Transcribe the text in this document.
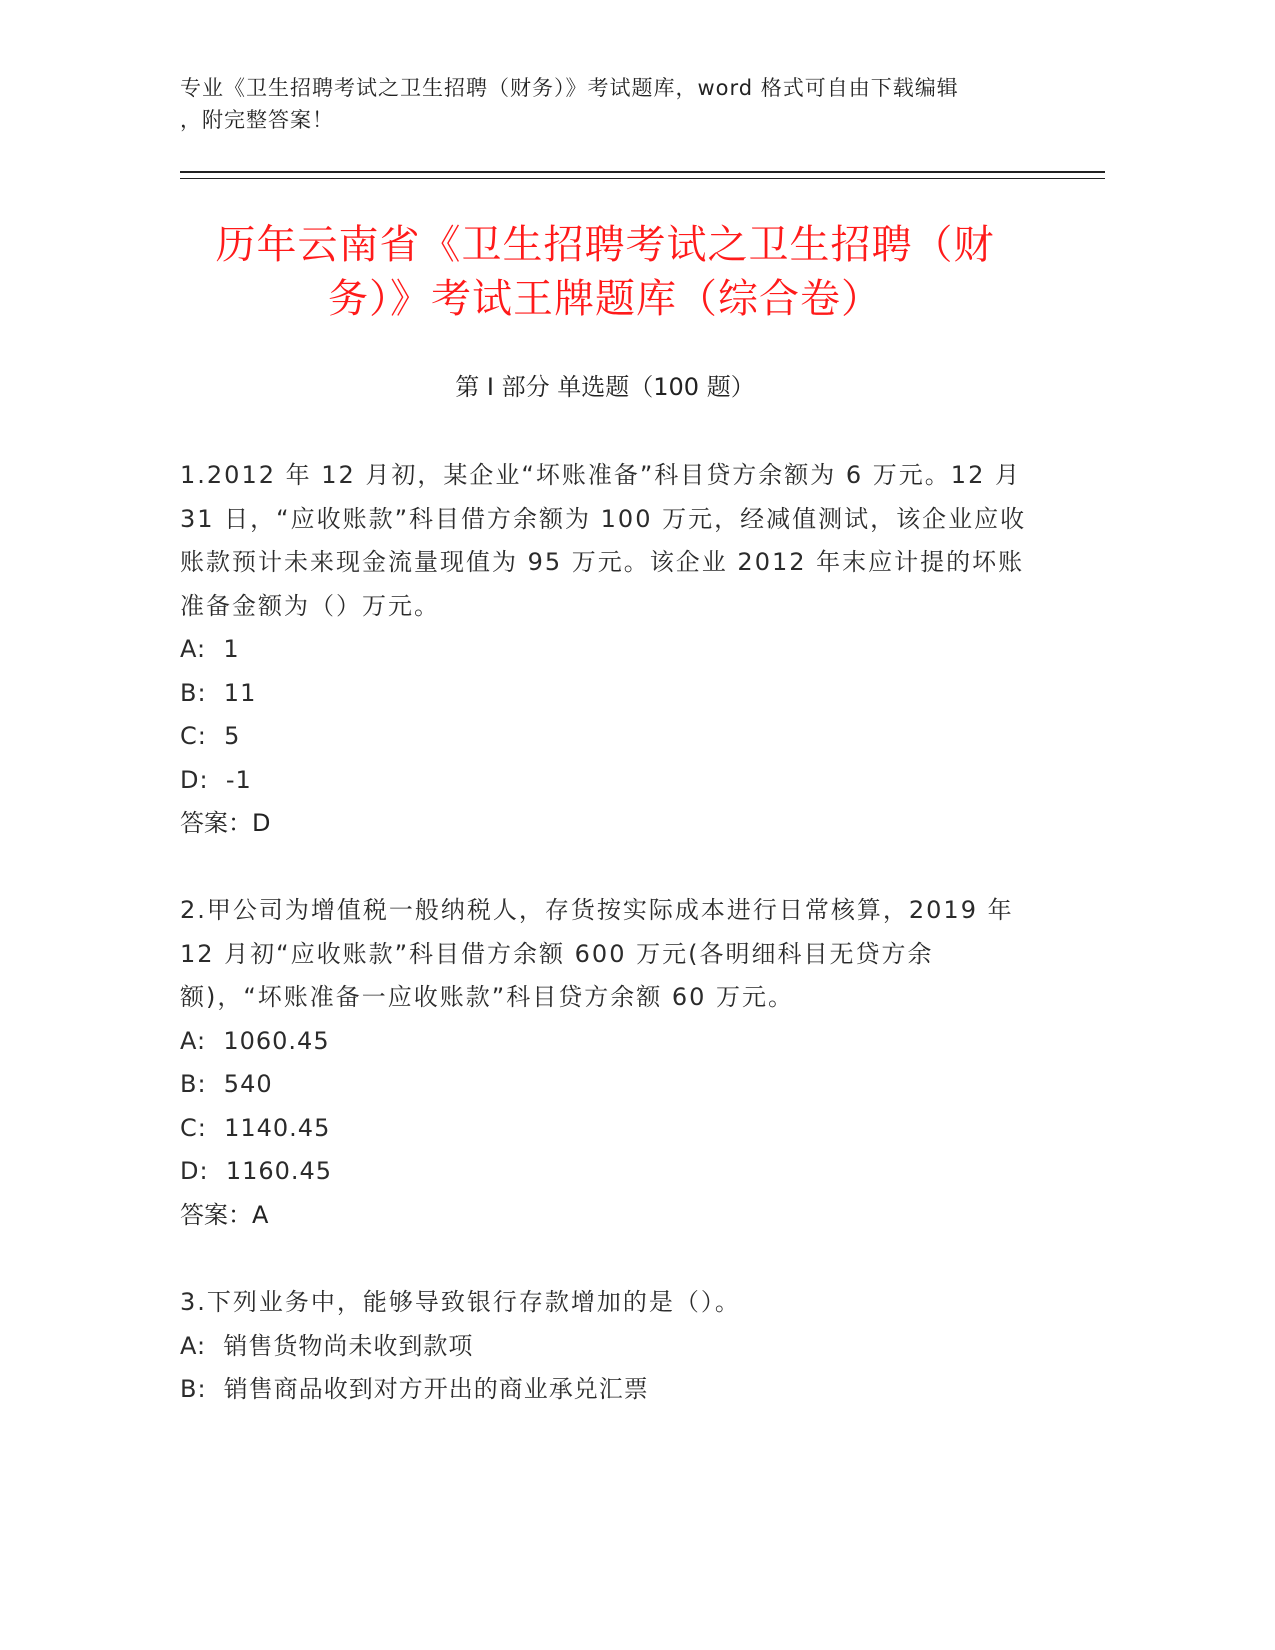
专业《卫生招聘考试之卫生招聘（财务）》考试题库，word 格式可自由下载编辑
，附完整答案！
历年云南省《卫生招聘考试之卫生招聘（财
务）》考试王牌题库（综合卷）
第 I 部分 单选题（100 题）
1.2012 年 12 月初，某企业“坏账准备”科目贷方余额为 6 万元。12 月 31 日，“应收账款”科目借方余额为 100 万元，经减值测试，该企业应收账款预计未来现金流量现值为 95 万元。该企业 2012 年末应计提的坏账准备金额为（）万元。
A:  1
B:  11
C:  5
D:  -1
答案：D
2.甲公司为增值税一般纳税人，存货按实际成本进行日常核算，2019 年 12 月初“应收账款”科目借方余额 600 万元(各明细科目无贷方余额)，“坏账准备一应收账款”科目贷方余额 60 万元。
A:  1060.45
B:  540
C:  1140.45
D:  1160.45
答案：A
3.下列业务中，能够导致银行存款增加的是（）。
A:  销售货物尚未收到款项
B:  销售商品收到对方开出的商业承兑汇票
